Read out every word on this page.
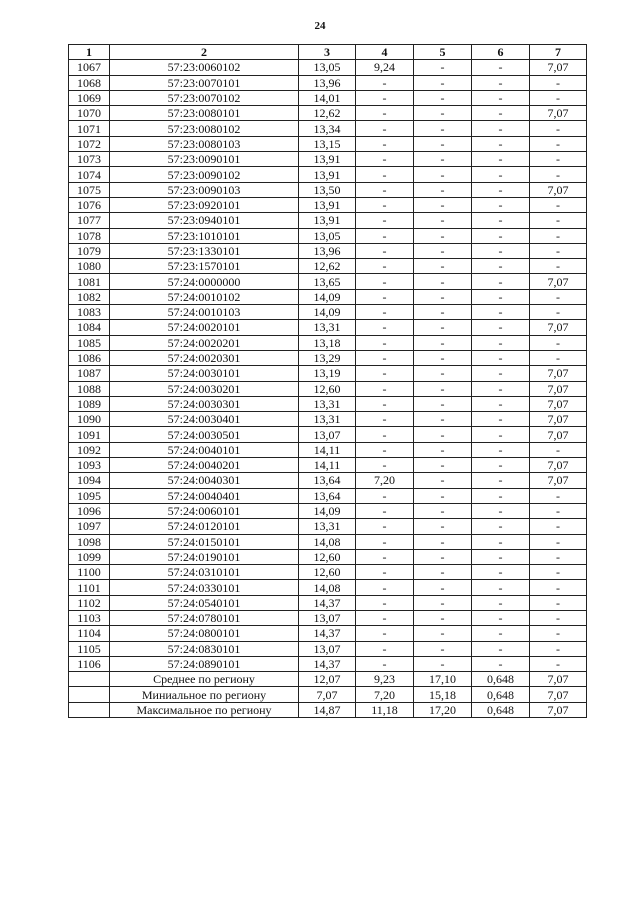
24
1	2	3	4	5	6	7
1067	57:23:0060102	13,05	9,24	-	-	7,07
1068	57:23:0070101	13,96	-	-	-	-
1069	57:23:0070102	14,01	-	-	-	-
1070	57:23:0080101	12,62	-	-	-	7,07
1071	57:23:0080102	13,34	-	-	-	-
1072	57:23:0080103	13,15	-	-	-	-
1073	57:23:0090101	13,91	-	-	-	-
1074	57:23:0090102	13,91	-	-	-	-
1075	57:23:0090103	13,50	-	-	-	7,07
1076	57:23:0920101	13,91	-	-	-	-
1077	57:23:0940101	13,91	-	-	-	-
1078	57:23:1010101	13,05	-	-	-	-
1079	57:23:1330101	13,96	-	-	-	-
1080	57:23:1570101	12,62	-	-	-	-
1081	57:24:0000000	13,65	-	-	-	7,07
1082	57:24:0010102	14,09	-	-	-	-
1083	57:24:0010103	14,09	-	-	-	-
1084	57:24:0020101	13,31	-	-	-	7,07
1085	57:24:0020201	13,18	-	-	-	-
1086	57:24:0020301	13,29	-	-	-	-
1087	57:24:0030101	13,19	-	-	-	7,07
1088	57:24:0030201	12,60	-	-	-	7,07
1089	57:24:0030301	13,31	-	-	-	7,07
1090	57:24:0030401	13,31	-	-	-	7,07
1091	57:24:0030501	13,07	-	-	-	7,07
1092	57:24:0040101	14,11	-	-	-	-
1093	57:24:0040201	14,11	-	-	-	7,07
1094	57:24:0040301	13,64	7,20	-	-	7,07
1095	57:24:0040401	13,64	-	-	-	-
1096	57:24:0060101	14,09	-	-	-	-
1097	57:24:0120101	13,31	-	-	-	-
1098	57:24:0150101	14,08	-	-	-	-
1099	57:24:0190101	12,60	-	-	-	-
1100	57:24:0310101	12,60	-	-	-	-
1101	57:24:0330101	14,08	-	-	-	-
1102	57:24:0540101	14,37	-	-	-	-
1103	57:24:0780101	13,07	-	-	-	-
1104	57:24:0800101	14,37	-	-	-	-
1105	57:24:0830101	13,07	-	-	-	-
1106	57:24:0890101	14,37	-	-	-	-
	Среднее по региону	12,07	9,23	17,10	0,648	7,07
	Миниальное по региону	7,07	7,20	15,18	0,648	7,07
	Максимальное по региону	14,87	11,18	17,20	0,648	7,07
